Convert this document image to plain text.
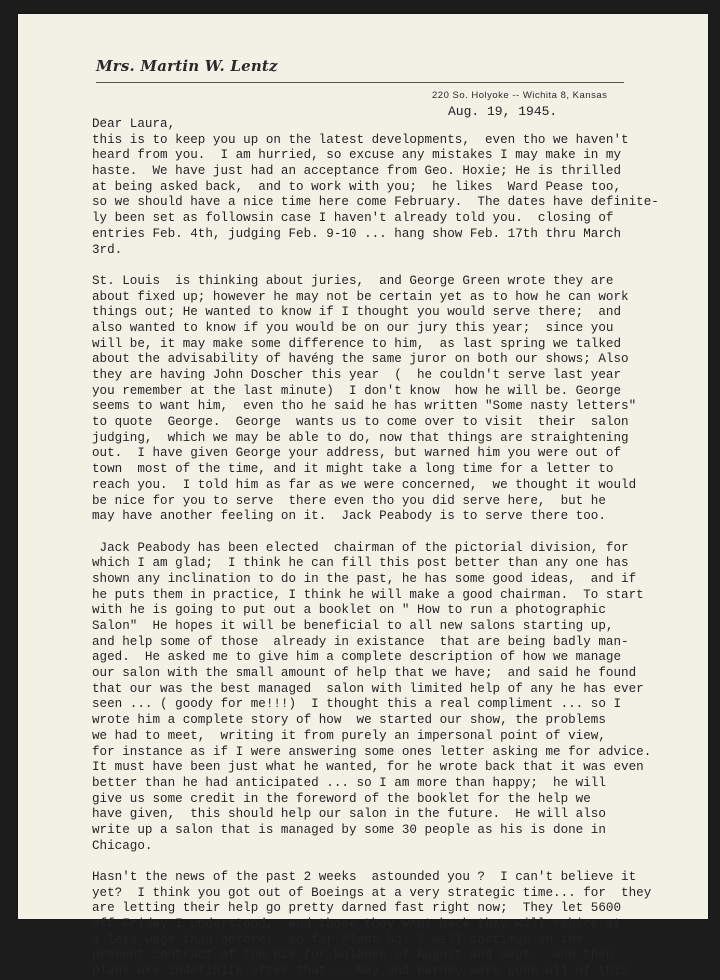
Mrs. Martin W. Lentz
220 So. Holyoke -- Wichita 8, Kansas
Aug. 19, 1945.
Dear Laura,
this is to keep you up on the latest developments,  even tho we haven't
heard from you.  I am hurried, so excuse any mistakes I may make in my
haste.  We have just had an acceptance from Geo. Hoxie; He is thrilled
at being asked back,  and to work with you;  he likes  Ward Pease too,
so we should have a nice time here come February.  The dates have definite-
ly been set as followsin case I haven't already told you.  closing of
entries Feb. 4th, judging Feb. 9-10 ... hang show Feb. 17th thru March
3rd.
St. Louis  is thinking about juries,  and George Green wrote they are
about fixed up; however he may not be certain yet as to how he can work
things out; He wanted to know if I thought you would serve there;  and
also wanted to know if you would be on our jury this year;  since you
will be, it may make some difference to him,  as last spring we talked
about the advisability of havéng the same juror on both our shows; Also
they are having John Doscher this year  (  he couldn't serve last year
you remember at the last minute)  I don't know  how he will be. George
seems to want him,  even tho he said he has written "Some nasty letters"
to quote  George.  George  wants us to come over to visit  their  salon
judging,  which we may be able to do, now that things are straightening
out.  I have given George your address, but warned him you were out of
town  most of the time, and it might take a long time for a letter to
reach you.  I told him as far as we were concerned,  we thought it would
be nice for you to serve  there even tho you did serve here,  but he
may have another feeling on it.  Jack Peabody is to serve there too.
Jack Peabody has been elected  chairman of the pictorial division, for
which I am glad;  I think he can fill this post better than any one has
shown any inclination to do in the past, he has some good ideas,  and if
he puts them in practice, I think he will make a good chairman.  To start
with he is going to put out a booklet on " How to run a photographic
Salon"  He hopes it will be beneficial to all new salons starting up,
and help some of those  already in existance  that are being badly man-
aged.  He asked me to give him a complete description of how we manage
our salon with the small amount of help that we have;  and said he found
that our was the best managed  salon with limited help of any he has ever
seen ... ( goody for me!!!)  I thought this a real compliment ... so I
wrote him a complete story of how  we started our show, the problems
we had to meet,  writing it from purely an impersonal point of view,
for instance as if I were answering some ones letter asking me for advice.
It must have been just what he wanted, for he wrote back that it was even
better than he had anticipated ... so I am more than happy;  he will
give us some credit in the foreword of the booklet for the help we
have given,  this should help our salon in the future.  He will also
write up a salon that is managed by some 30 people as his is done in
Chicago.
Hasn't the news of the past 2 weeks  astounded you ?  I can't believe it
yet?  I think you got out of Boeings at a very strategic time... for  they
are letting their help go pretty darned fast right now;  They let 5600
off Friday I understand,  and those they want back they will rehire at
a less wage than before;  so far Plant No. 2 will contimue on the
present contract of the B29 for balance of August and Sept.  and then
plans are indefinite after that... Ray and Barney were gone all of this
